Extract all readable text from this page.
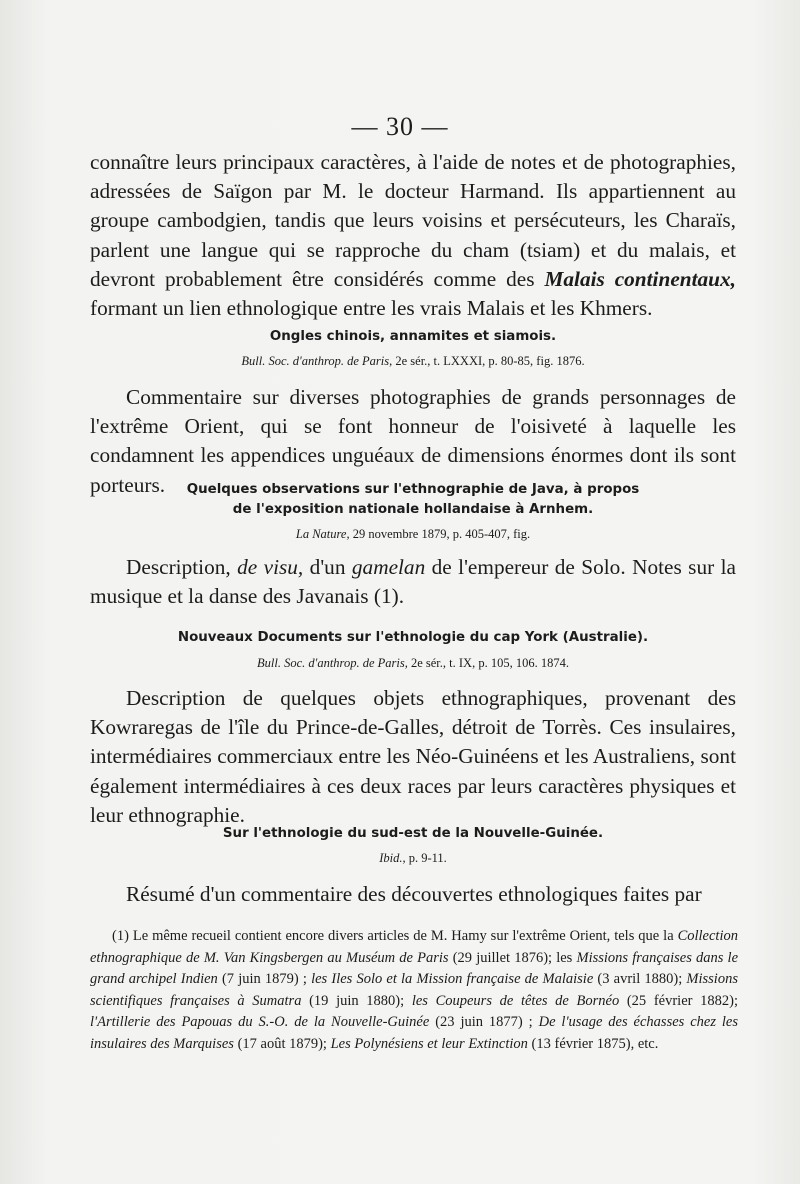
— 30 —

connaître leurs principaux caractères, à l'aide de notes et de photographies, adressées de Saïgon par M. le docteur Harmand. Ils appartiennent au groupe cambodgien, tandis que leurs voisins et persécuteurs, les Charaïs, parlent une langue qui se rapproche du cham (tsiam) et du malais, et devront probablement être considérés comme des Malais continentaux, formant un lien ethnologique entre les vrais Malais et les Khmers.

Ongles chinois, annamites et siamois.

Bull. Soc. d'anthrop. de Paris, 2e sér., t. LXXXI, p. 80-85, fig. 1876.

Commentaire sur diverses photographies de grands personnages de l'extrême Orient, qui se font honneur de l'oisiveté à laquelle les condamnent les appendices unguéaux de dimensions énormes dont ils sont porteurs.	Quelques observations sur l'ethnographie de Java, à propos

de l'exposition nationale hollandaise à Arnhem.

La Nature, 29 novembre 1879, p. 405-407, fig.

Description, de visu, d'un gamelan de l'empereur de Solo. Notes sur la musique et la danse des Javanais (1).

Nouveaux Documents sur l'ethnologie du cap York (Australie).

Bull. Soc. d'anthrop. de Paris, 2e sér., t. IX, p. 105, 106. 1874.

Description de quelques objets ethnographiques, provenant des Kowraregas de l'île du Prince-de-Galles, détroit de Torrès. Ces insulaires, intermédiaires commerciaux entre les Néo-Guinéens et les Australiens, sont également intermédiaires à ces deux races par leurs caractères physiques et leur ethnographie.

Sur l'ethnologie du sud-est de la Nouvelle-Guinée.

Ibid., p. 9-11.

Résumé d'un commentaire des découvertes ethnologiques faites par

(1) Le même recueil contient encore divers articles de M. Hamy sur l'extrême Orient, tels que la Collection ethnographique de M. Van Kingsbergen au Muséum de Paris (29 juillet 1876); les Missions françaises dans le grand archipel Indien (7 juin 1879) ; les Iles Solo et la Mission française de Malaisie (3 avril 1880); Missions scientifiques françaises à Sumatra (19 juin 1880); les Coupeurs de têtes de Bornéo (25 février 1882); l'Artillerie des Papouas du S.-O. de la Nouvelle-Guinée (23 juin 1877) ; De l'usage des échasses chez les insulaires des Marquises (17 août 1879); Les Polynésiens et leur Extinction (13 février 1875), etc.
